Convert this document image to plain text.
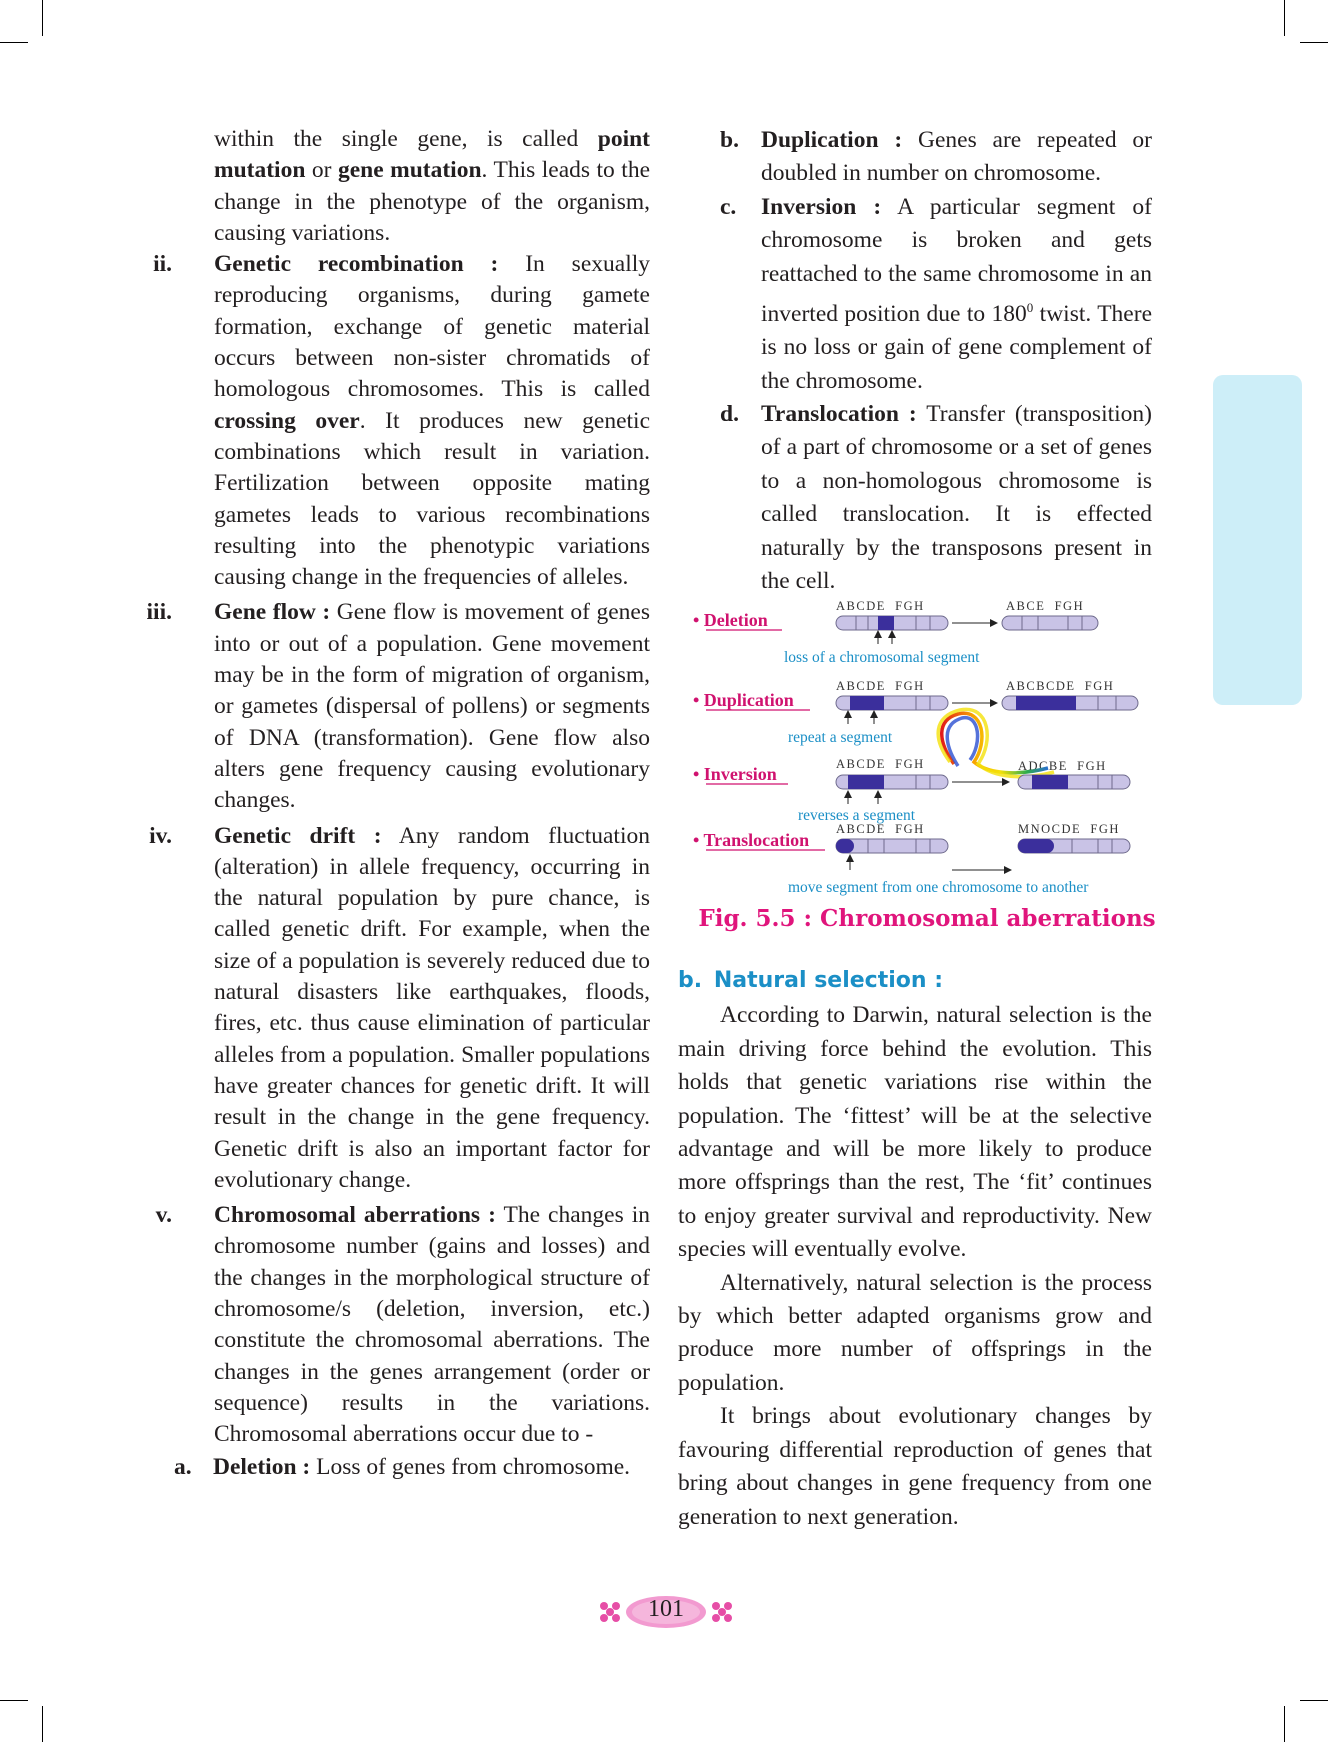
within the single gene, is called point mutation or gene mutation. This leads to the change in the phenotype of the organism, causing variations.

ii. Genetic recombination : In sexually reproducing organisms, during gamete formation, exchange of genetic material occurs between non-sister chromatids of homologous chromosomes. This is called crossing over. It produces new genetic combinations which result in variation. Fertilization between opposite mating gametes leads to various recombinations resulting into the phenotypic variations causing change in the frequencies of alleles.

iii. Gene flow : Gene flow is movement of genes into or out of a population. Gene movement may be in the form of migration of organism, or gametes (dispersal of pollens) or segments of DNA (transformation). Gene flow also alters gene frequency causing evolutionary changes.

iv. Genetic drift : Any random fluctuation (alteration) in allele frequency, occurring in the natural population by pure chance, is called genetic drift. For example, when the size of a population is severely reduced due to natural disasters like earthquakes, floods, fires, etc. thus cause elimination of particular alleles from a population. Smaller populations have greater chances for genetic drift. It will result in the change in the gene frequency. Genetic drift is also an important factor for evolutionary change.

v. Chromosomal aberrations : The changes in chromosome number (gains and losses) and the changes in the morphological structure of chromosome/s (deletion, inversion, etc.) constitute the chromosomal aberrations. The changes in the genes arrangement (order or sequence) results in the variations. Chromosomal aberrations occur due to -

a. Deletion : Loss of genes from chromosome.

b. Duplication : Genes are repeated or doubled in number on chromosome.

c. Inversion : A particular segment of chromosome is broken and gets reattached to the same chromosome in an inverted position due to $180^0$ twist. There is no loss or gain of gene complement of the chromosome.

d. Translocation : Transfer (transposition) of a part of chromosome or a set of genes to a non-homologous chromosome is called translocation. It is effected naturally by the transposons present in the cell.

• Deletion
• Duplication
• Inversion
• Translocation
ABCDE  FGH	ABCE  FGH
ABCDE  FGH	ABCBCDE  FGH
ABCDE  FGH	ADCBE  FGH
ABCDE  FGH	MNOCDE  FGH
loss of a chromosomal segment
repeat a segment
reverses a segment
move segment from one chromosome to another
Fig. 5.5 : Chromosomal aberrations

b. Natural selection :

According to Darwin, natural selection is the main driving force behind the evolution. This holds that genetic variations rise within the population. The ‘fittest’ will be at the selective advantage and will be more likely to produce more offsprings than the rest, The ‘fit’ continues to enjoy greater survival and reproductivity. New species will eventually evolve.

Alternatively, natural selection is the process by which better adapted organisms grow and produce more number of offsprings in the population.

It brings about evolutionary changes by favouring differential reproduction of genes that bring about changes in gene frequency from one generation to next generation.

101
